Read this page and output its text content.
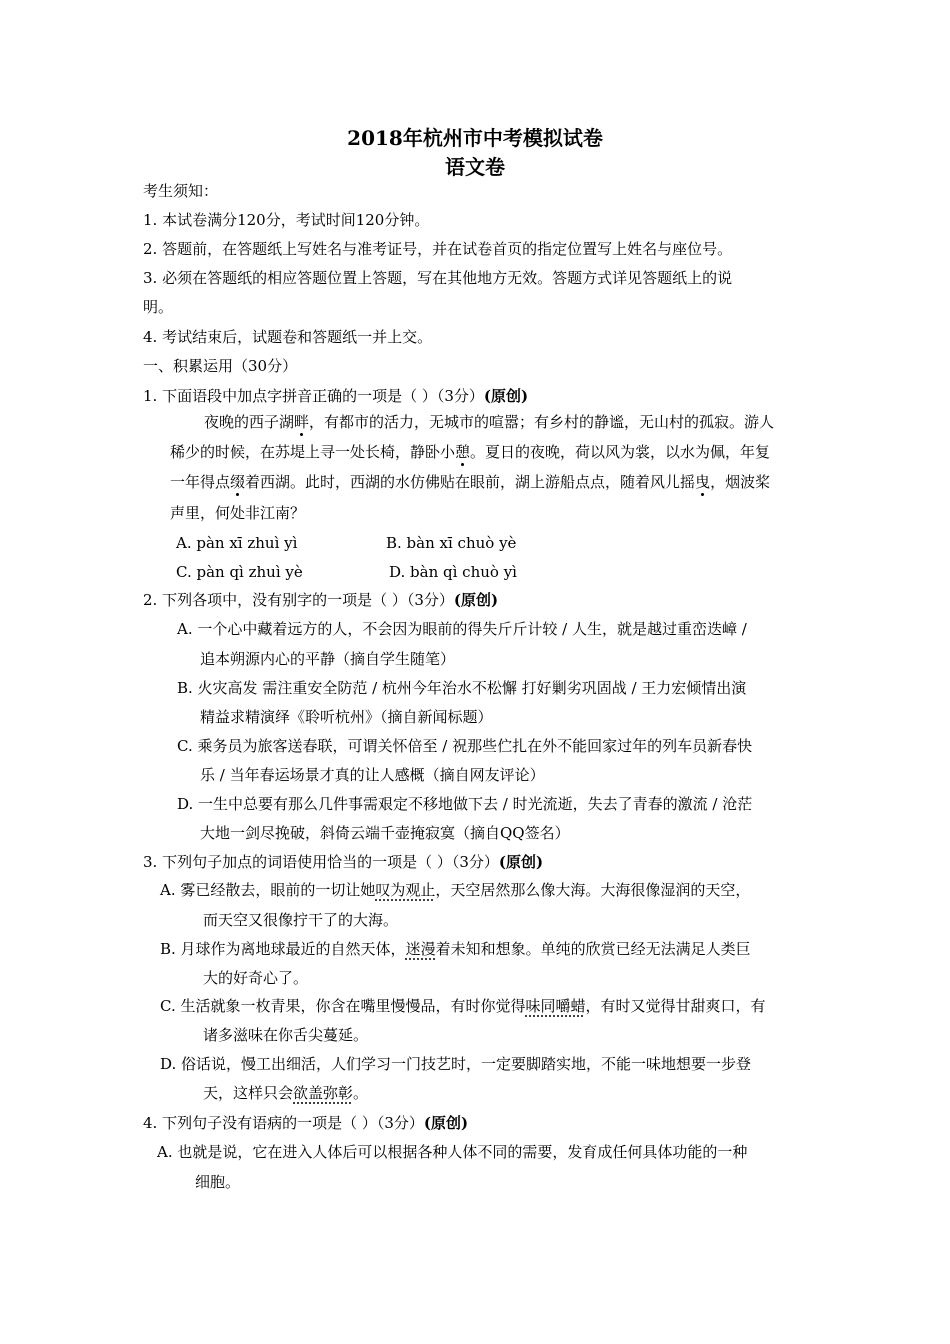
2018年杭州市中考模拟试卷
语文卷
考生须知：
1. 本试卷满分120分，考试时间120分钟。
2. 答题前，在答题纸上写姓名与准考证号，并在试卷首页的指定位置写上姓名与座位号。
3. 必须在答题纸的相应答题位置上答题，写在其他地方无效。答题方式详见答题纸上的说
明。
4. 考试结束后，试题卷和答题纸一并上交。
一、积累运用（30分）
1. 下面语段中加点字拼音正确的一项是（ ）（3分）(原创)
夜晚的西子湖畔，有都市的活力，无城市的喧嚣；有乡村的静谧，无山村的孤寂。游人
稀少的时候，在苏堤上寻一处长椅，静卧小憩。夏日的夜晚，荷以风为裳，以水为佩，年复
一年得点缀着西湖。此时，西湖的水仿佛贴在眼前，湖上游船点点，随着风儿摇曳，烟波桨
声里，何处非江南？
A. pàn xī zhuì yì	B. bàn xī chuò yè
C. pàn qì zhuì yè	D. bàn qì chuò yì
2. 下列各项中，没有别字的一项是（ ）（3分）(原创)
A. 一个心中藏着远方的人，不会因为眼前的得失斤斤计较 / 人生，就是越过重峦迭嶂 /
追本朔源内心的平静（摘自学生随笔）
B. 火灾高发 需注重安全防范 / 杭州今年治水不松懈 打好剿劣巩固战 / 王力宏倾情出演
精益求精演绎《聆听杭州》（摘自新闻标题）
C. 乘务员为旅客送春联，可谓关怀倍至 / 祝那些伫扎在外不能回家过年的列车员新春快
乐 / 当年春运场景才真的让人感概（摘自网友评论）
D. 一生中总要有那么几件事需艰定不移地做下去 / 时光流逝，失去了青春的激流 / 沧茫
大地一剑尽挽破，斜倚云端千壶掩寂寞（摘自QQ签名）
3. 下列句子加点的词语使用恰当的一项是（ ）（3分）(原创)
A. 雾已经散去，眼前的一切让她叹为观止，天空居然那么像大海。大海很像湿润的天空，
而天空又很像拧干了的大海。
B. 月球作为离地球最近的自然天体，迷漫着未知和想象。单纯的欣赏已经无法满足人类巨
大的好奇心了。
C. 生活就象一枚青果，你含在嘴里慢慢品，有时你觉得味同嚼蜡，有时又觉得甘甜爽口，有
诸多滋味在你舌尖蔓延。
D. 俗话说，慢工出细活，人们学习一门技艺时，一定要脚踏实地，不能一味地想要一步登
天，这样只会欲盖弥彰。
4. 下列句子没有语病的一项是（ ）（3分）(原创)
A. 也就是说，它在进入人体后可以根据各种人体不同的需要，发育成任何具体功能的一种
细胞。
